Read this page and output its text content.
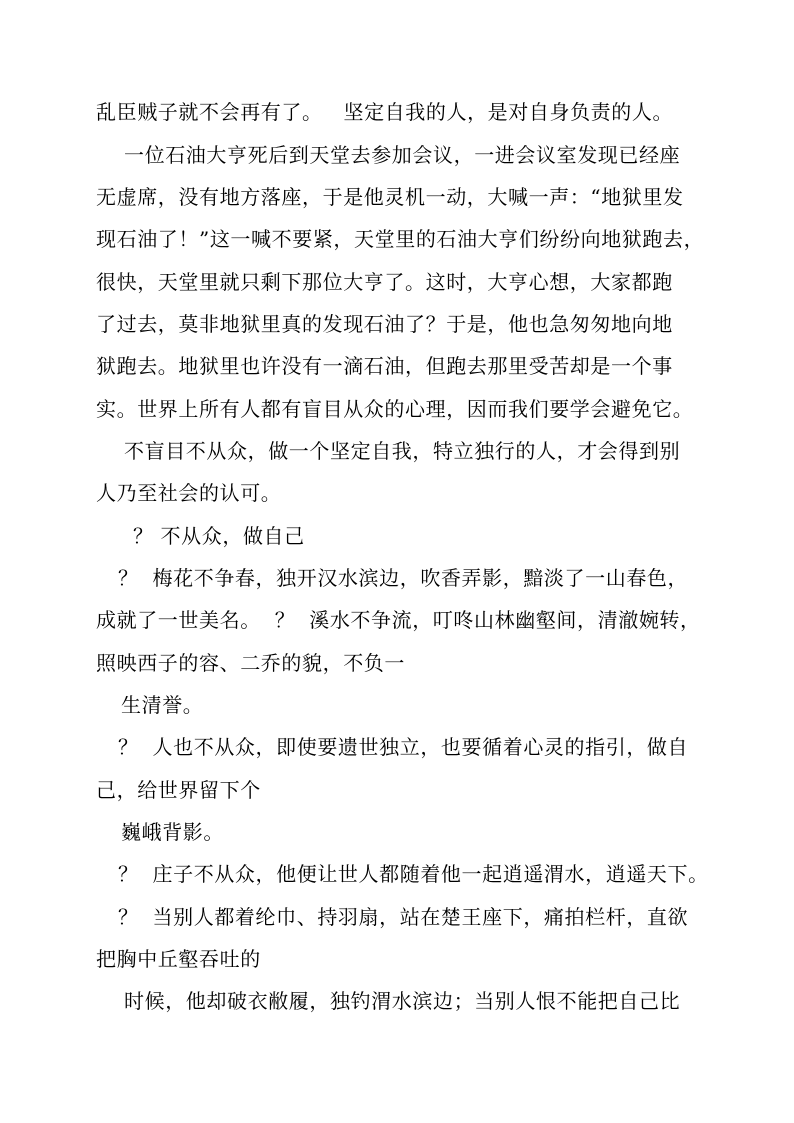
乱臣贼子就不会再有了。   坚定自我的人，是对自身负责的人。
一位石油大亨死后到天堂去参加会议，一进会议室发现已经座
无虚席，没有地方落座，于是他灵机一动，大喊一声：“地狱里发
现石油了！”这一喊不要紧，天堂里的石油大亨们纷纷向地狱跑去，
很快，天堂里就只剩下那位大亨了。这时，大亨心想，大家都跑
了过去，莫非地狱里真的发现石油了？于是，他也急匆匆地向地
狱跑去。地狱里也许没有一滴石油，但跑去那里受苦却是一个事
实。世界上所有人都有盲目从众的心理，因而我们要学会避免它。
不盲目不从众，做一个坚定自我，特立独行的人，才会得到别
人乃至社会的认可。
？ 不从众，做自己
？  梅花不争春，独开汉水滨边，吹香弄影，黯淡了一山春色，
成就了一世美名。  ？  溪水不争流，叮咚山林幽壑间，清澈婉转，
照映西子的容、二乔的貌，不负一
生清誉。
？  人也不从众，即使要遗世独立，也要循着心灵的指引，做自
己，给世界留下个
巍峨背影。
？  庄子不从众，他便让世人都随着他一起逍遥渭水，逍遥天下。
？  当别人都着纶巾、持羽扇，站在楚王座下，痛拍栏杆，直欲
把胸中丘壑吞吐的
时候，他却破衣敝履，独钓渭水滨边；当别人恨不能把自己比
